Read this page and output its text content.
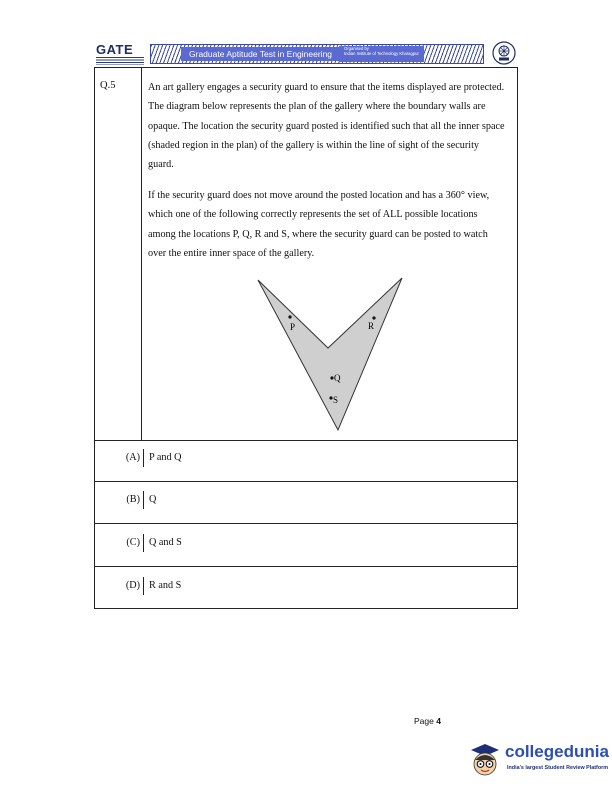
GATE	Graduate Aptitude Test in Engineering
Organised by
Indian Institute of Technology Kharagpur
Q.5	An art gallery engages a security guard to ensure that the items displayed are protected. The diagram below represents the plan of the gallery where the boundary walls are opaque. The location the security guard posted is identified such that all the inner space (shaded region in the plan) of the gallery is within the line of sight of the security guard.

If the security guard does not move around the posted location and has a 360° view, which one of the following correctly represents the set of ALL possible locations among the locations P, Q, R and S, where the security guard can be posted to watch over the entire inner space of the gallery.

P	R
Q
S
(A) P and Q
(B) Q
(C) Q and S
(D) R and S
Page 4
collegedunia
India's largest Student Review Platform
